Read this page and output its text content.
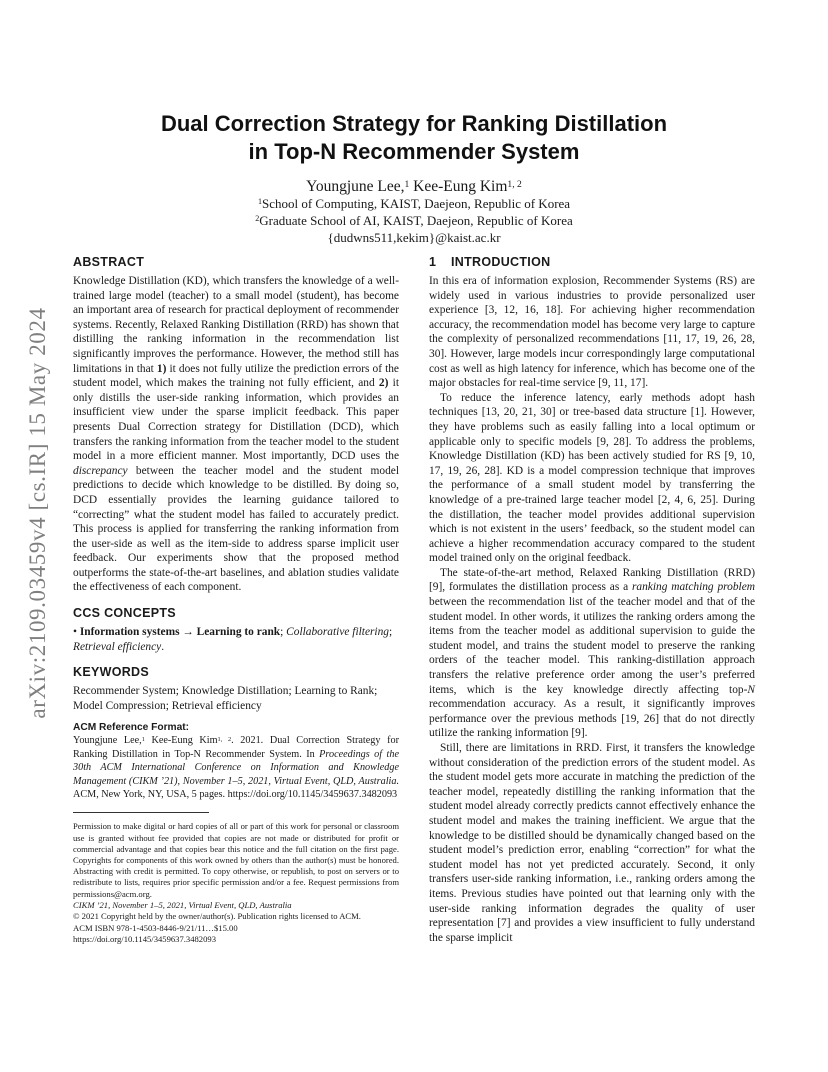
arXiv:2109.03459v4 [cs.IR] 15 May 2024
Dual Correction Strategy for Ranking Distillation
in Top-N Recommender System
Youngjune Lee,$^1$ Kee-Eung Kim$^{1, 2}$
$^1$School of Computing, KAIST, Daejeon, Republic of Korea
$^2$Graduate School of AI, KAIST, Daejeon, Republic of Korea
{dudwns511,kekim}@kaist.ac.kr
ABSTRACT

Knowledge Distillation (KD), which transfers the knowledge of a well-trained large model (teacher) to a small model (student), has become an important area of research for practical deployment of recommender systems. Recently, Relaxed Ranking Distillation (RRD) has shown that distilling the ranking information in the recommendation list significantly improves the performance. However, the method still has limitations in that 1) it does not fully utilize the prediction errors of the student model, which makes the training not fully efficient, and 2) it only distills the user-side ranking information, which provides an insufficient view under the sparse implicit feedback. This paper presents Dual Correction strategy for Distillation (DCD), which transfers the ranking information from the teacher model to the student model in a more efficient manner. Most importantly, DCD uses the discrepancy between the teacher model and the student model predictions to decide which knowledge to be distilled. By doing so, DCD essentially provides the learning guidance tailored to “correcting” what the student model has failed to accurately predict. This process is applied for transferring the ranking information from the user-side as well as the item-side to address sparse implicit user feedback. Our experiments show that the proposed method outperforms the state-of-the-art baselines, and ablation studies validate the effectiveness of each component.

CCS CONCEPTS

• Information systems → Learning to rank; Collaborative filtering; Retrieval efficiency.

KEYWORDS

Recommender System; Knowledge Distillation; Learning to Rank; Model Compression; Retrieval efficiency

ACM Reference Format:

Youngjune Lee,$^1$ Kee-Eung Kim$^{1, 2}$. 2021. Dual Correction Strategy for Ranking Distillation in Top-N Recommender System. In Proceedings of the 30th ACM International Conference on Information and Knowledge Management (CIKM ’21), November 1–5, 2021, Virtual Event, QLD, Australia. ACM, New York, NY, USA, 5 pages. https://doi.org/10.1145/3459637.3482093

Permission to make digital or hard copies of all or part of this work for personal or classroom use is granted without fee provided that copies are not made or distributed for profit or commercial advantage and that copies bear this notice and the full citation on the first page. Copyrights for components of this work owned by others than the author(s) must be honored. Abstracting with credit is permitted. To copy otherwise, or republish, to post on servers or to redistribute to lists, requires prior specific permission and/or a fee. Request permissions from permissions@acm.org.

CIKM ’21, November 1–5, 2021, Virtual Event, QLD, Australia

© 2021 Copyright held by the owner/author(s). Publication rights licensed to ACM.

ACM ISBN 978-1-4503-8446-9/21/11…$15.00

https://doi.org/10.1145/3459637.3482093

1 INTRODUCTION

In this era of information explosion, Recommender Systems (RS) are widely used in various industries to provide personalized user experience [3, 12, 16, 18]. For achieving higher recommendation accuracy, the recommendation model has become very large to capture the complexity of personalized recommendations [11, 17, 19, 26, 28, 30]. However, large models incur correspondingly large computational cost as well as high latency for inference, which has become one of the major obstacles for real-time service [9, 11, 17].

To reduce the inference latency, early methods adopt hash techniques [13, 20, 21, 30] or tree-based data structure [1]. However, they have problems such as easily falling into a local optimum or applicable only to specific models [9, 28]. To address the problems, Knowledge Distillation (KD) has been actively studied for RS [9, 10, 17, 19, 26, 28]. KD is a model compression technique that improves the performance of a small student model by transferring the knowledge of a pre-trained large teacher model [2, 4, 6, 25]. During the distillation, the teacher model provides additional supervision which is not existent in the users’ feedback, so the student model can achieve a higher recommendation accuracy compared to the student model trained only on the original feedback.

The state-of-the-art method, Relaxed Ranking Distillation (RRD) [9], formulates the distillation process as a ranking matching problem between the recommendation list of the teacher model and that of the student model. In other words, it utilizes the ranking orders among the items from the teacher model as additional supervision to guide the student model, and trains the student model to preserve the ranking orders of the teacher model. This ranking-distillation approach transfers the relative preference order among the user’s preferred items, which is the key knowledge directly affecting top-N recommendation accuracy. As a result, it significantly improves performance over the previous methods [19, 26] that do not directly utilize the ranking information [9].

Still, there are limitations in RRD. First, it transfers the knowledge without consideration of the prediction errors of the student model. As the student model gets more accurate in matching the prediction of the teacher model, repeatedly distilling the ranking information that the student model already correctly predicts cannot effectively enhance the student model and makes the training inefficient. We argue that the knowledge to be distilled should be dynamically changed based on the student model’s prediction error, enabling “correction” for what the student model has not yet predicted accurately. Second, it only transfers user-side ranking information, i.e., ranking orders among the items. Previous studies have pointed out that learning only with the user-side ranking information degrades the quality of user representation [7] and provides a view insufficient to fully understand the sparse implicit
